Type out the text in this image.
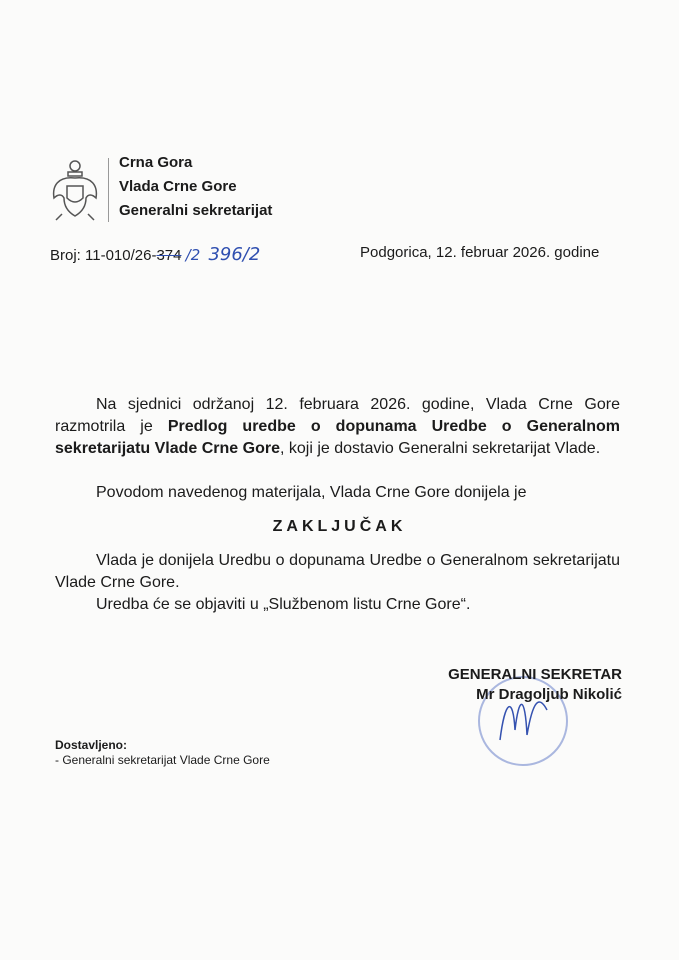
Crna Gora
Vlada Crne Gore
Generalni sekretarijat
Broj: 11-010/26-374 /2 396/2	Podgorica, 12. februar 2026. godine
Na sjednici održanoj 12. februara 2026. godine, Vlada Crne Gore razmotrila je Predlog uredbe o dopunama Uredbe o Generalnom sekretarijatu Vlade Crne Gore, koji je dostavio Generalni sekretarijat Vlade.
Povodom navedenog materijala, Vlada Crne Gore donijela je
ZAKLJUČAK
Vlada je donijela Uredbu o dopunama Uredbe o Generalnom sekretarijatu Vlade Crne Gore.
Uredba će se objaviti u „Službenom listu Crne Gore“.
GENERALNI SEKRETAR
Mr Dragoljub Nikolić
Dostavljeno:
- Generalni sekretarijat Vlade Crne Gore
